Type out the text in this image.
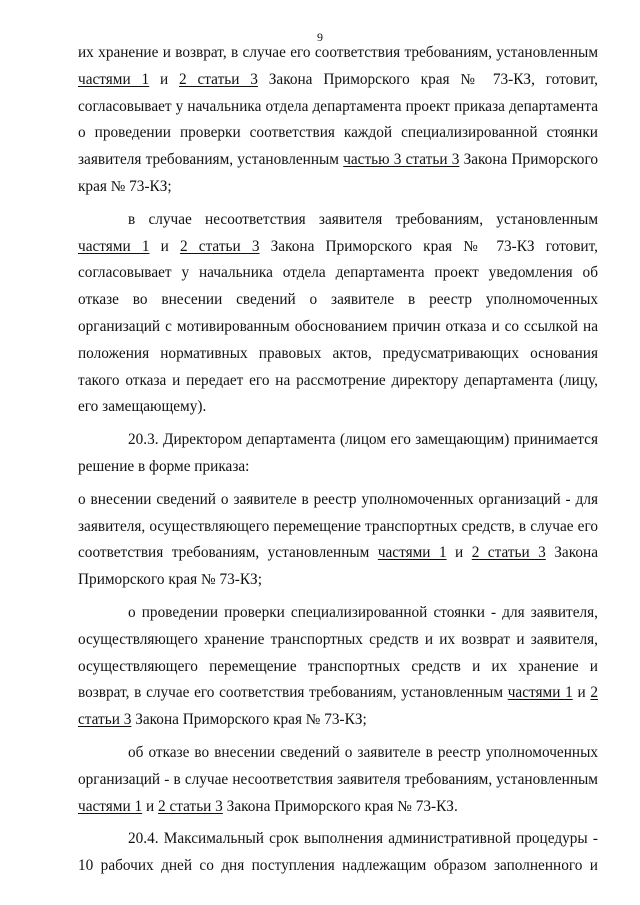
9
их хранение и возврат, в случае его соответствия требованиям, установленным
частями 1 и 2 статьи 3 Закона Приморского края № 73-КЗ, готовит,
согласовывает у начальника отдела департамента проект приказа департамента
о проведении проверки соответствия каждой специализированной стоянки
заявителя требованиям, установленным частью 3 статьи 3 Закона Приморского
края № 73-КЗ;
в случае несоответствия заявителя требованиям, установленным
частями 1 и 2 статьи 3 Закона Приморского края № 73-КЗ готовит,
согласовывает у начальника отдела департамента проект уведомления об
отказе во внесении сведений о заявителе в реестр уполномоченных
организаций с мотивированным обоснованием причин отказа и со ссылкой на
положения нормативных правовых актов, предусматривающих основания
такого отказа и передает его на рассмотрение директору департамента (лицу,
его замещающему).
20.3. Директором департамента (лицом его замещающим) принимается
решение в форме приказа:
о внесении сведений о заявителе в реестр уполномоченных организаций - для
заявителя, осуществляющего перемещение транспортных средств, в случае его
соответствия требованиям, установленным частями 1 и 2 статьи 3 Закона
Приморского края № 73-КЗ;
о проведении проверки специализированной стоянки - для заявителя,
осуществляющего хранение транспортных средств и их возврат и заявителя,
осуществляющего перемещение транспортных средств и их хранение и
возврат, в случае его соответствия требованиям, установленным частями 1 и 2
статьи 3 Закона Приморского края № 73-КЗ;
об отказе во внесении сведений о заявителе в реестр уполномоченных
организаций - в случае несоответствия заявителя требованиям, установленным
частями 1 и 2 статьи 3 Закона Приморского края № 73-КЗ.
20.4. Максимальный срок выполнения административной процедуры -
10 рабочих дней со дня поступления надлежащим образом заполненного и
